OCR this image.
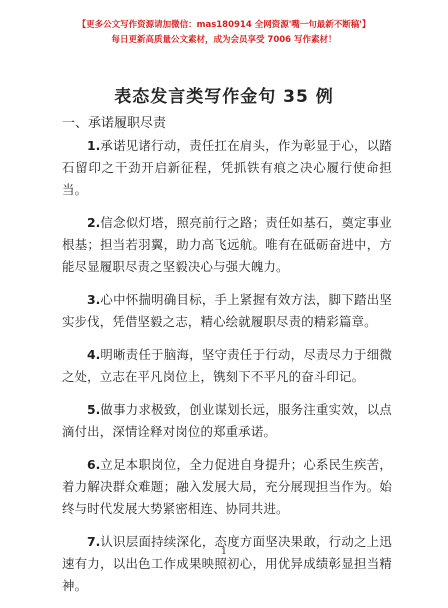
【更多公文写作资源请加微信：mas180914 全网资源'嘴一句最新不断稿'】
每日更新高质量公文素材，成为会员享受 7006 写作素材！
表态发言类写作金句 35 例
一、承诺履职尽责

1.承诺见诸行动，责任扛在肩头，作为彰显于心，以踏石留印之干劲开启新征程，凭抓铁有痕之决心履行使命担当。

2.信念似灯塔，照亮前行之路；责任如基石，奠定事业根基；担当若羽翼，助力高飞远航。唯有在砥砺奋进中，方能尽显履职尽责之坚毅决心与强大魄力。

3.心中怀揣明确目标，手上紧握有效方法，脚下踏出坚实步伐，凭借坚毅之志，精心绘就履职尽责的精彩篇章。

4.明晰责任于脑海，坚守责任于行动，尽责尽力于细微之处，立志在平凡岗位上，镌刻下不平凡的奋斗印记。

5.做事力求极致，创业谋划长远，服务注重实效，以点滴付出，深情诠释对岗位的郑重承诺。

6.立足本职岗位，全力促进自身提升；心系民生疾苦，着力解决群众难题；融入发展大局，充分展现担当作为。始终与时代发展大势紧密相连、协同共进。

7.认识层面持续深化，态度方面坚决果敢，行动之上迅速有力，以出色工作成果映照初心，用优异成绩彰显担当精神。

1
